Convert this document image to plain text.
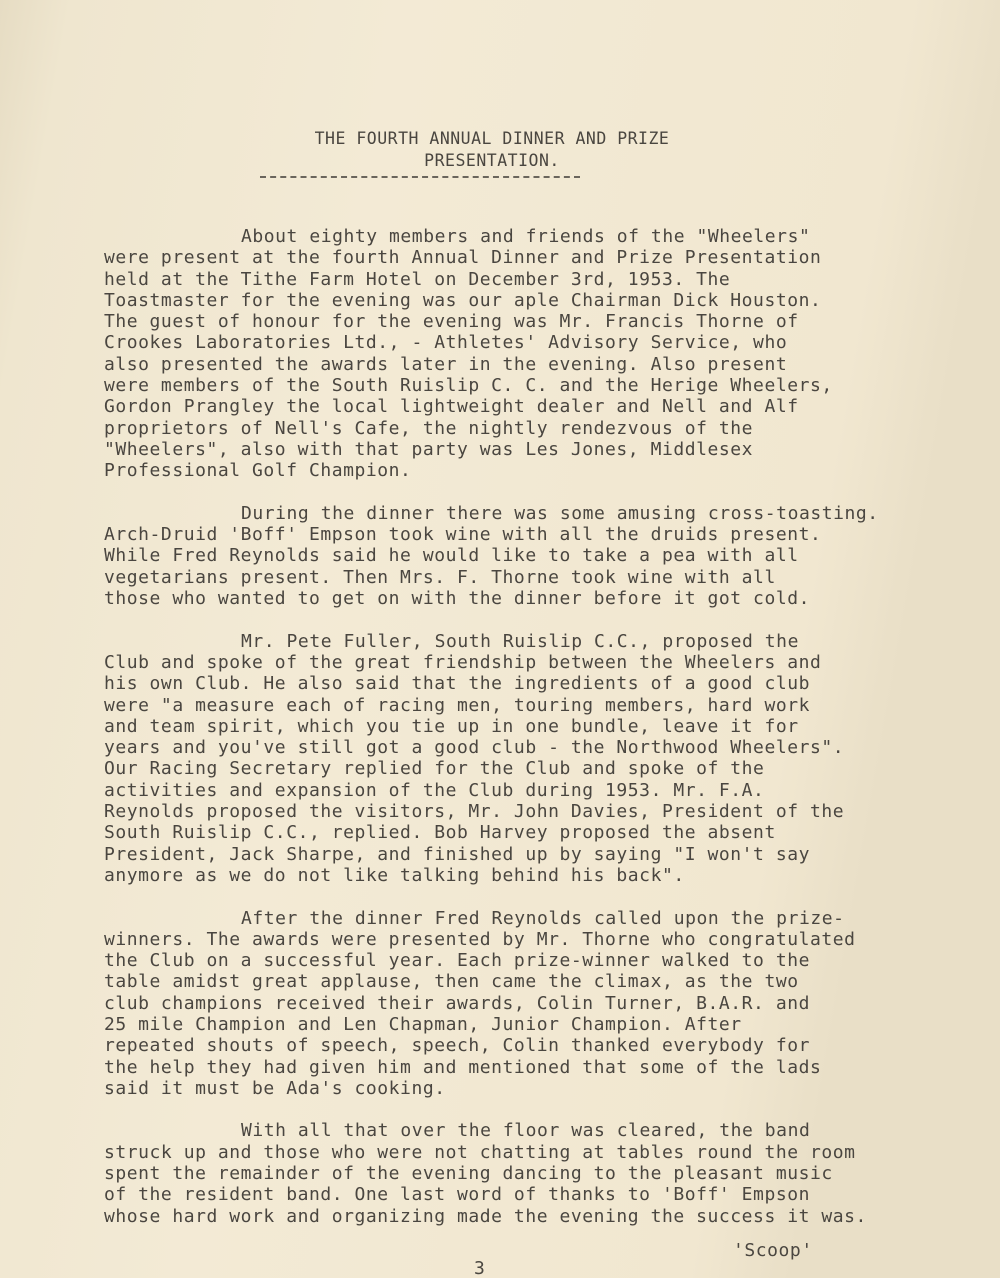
THE FOURTH ANNUAL DINNER AND PRIZE
PRESENTATION.
About eighty members and friends of the "Wheelers"
were present at the fourth Annual Dinner and Prize Presentation
held at the Tithe Farm Hotel on December 3rd, 1953. The
Toastmaster for the evening was our aple Chairman Dick Houston.
The guest of honour for the evening was Mr. Francis Thorne of
Crookes Laboratories Ltd., - Athletes' Advisory Service, who
also presented the awards later in the evening. Also present
were members of the South Ruislip C. C. and the Herige Wheelers,
Gordon Prangley the local lightweight dealer and Nell and Alf
proprietors of Nell's Cafe, the nightly rendezvous of the
"Wheelers", also with that party was Les Jones, Middlesex
Professional Golf Champion.
During the dinner there was some amusing cross-toasting.
Arch-Druid 'Boff' Empson took wine with all the druids present.
While Fred Reynolds said he would like to take a pea with all
vegetarians present. Then Mrs. F. Thorne took wine with all
those who wanted to get on with the dinner before it got cold.
Mr. Pete Fuller, South Ruislip C.C., proposed the
Club and spoke of the great friendship between the Wheelers and
his own Club. He also said that the ingredients of a good club
were "a measure each of racing men, touring members, hard work
and team spirit, which you tie up in one bundle, leave it for
years and you've still got a good club - the Northwood Wheelers".
Our Racing Secretary replied for the Club and spoke of the
activities and expansion of the Club during 1953. Mr. F.A.
Reynolds proposed the visitors, Mr. John Davies, President of the
South Ruislip C.C., replied. Bob Harvey proposed the absent
President, Jack Sharpe, and finished up by saying "I won't say
anymore as we do not like talking behind his back".
After the dinner Fred Reynolds called upon the prize-
winners. The awards were presented by Mr. Thorne who congratulated
the Club on a successful year. Each prize-winner walked to the
table amidst great applause, then came the climax, as the two
club champions received their awards, Colin Turner, B.A.R. and
25 mile Champion and Len Chapman, Junior Champion. After
repeated shouts of speech, speech, Colin thanked everybody for
the help they had given him and mentioned that some of the lads
said it must be Ada's cooking.
With all that over the floor was cleared, the band
struck up and those who were not chatting at tables round the room
spent the remainder of the evening dancing to the pleasant music
of the resident band. One last word of thanks to 'Boff' Empson
whose hard work and organizing made the evening the success it was.
'Scoop'
3
